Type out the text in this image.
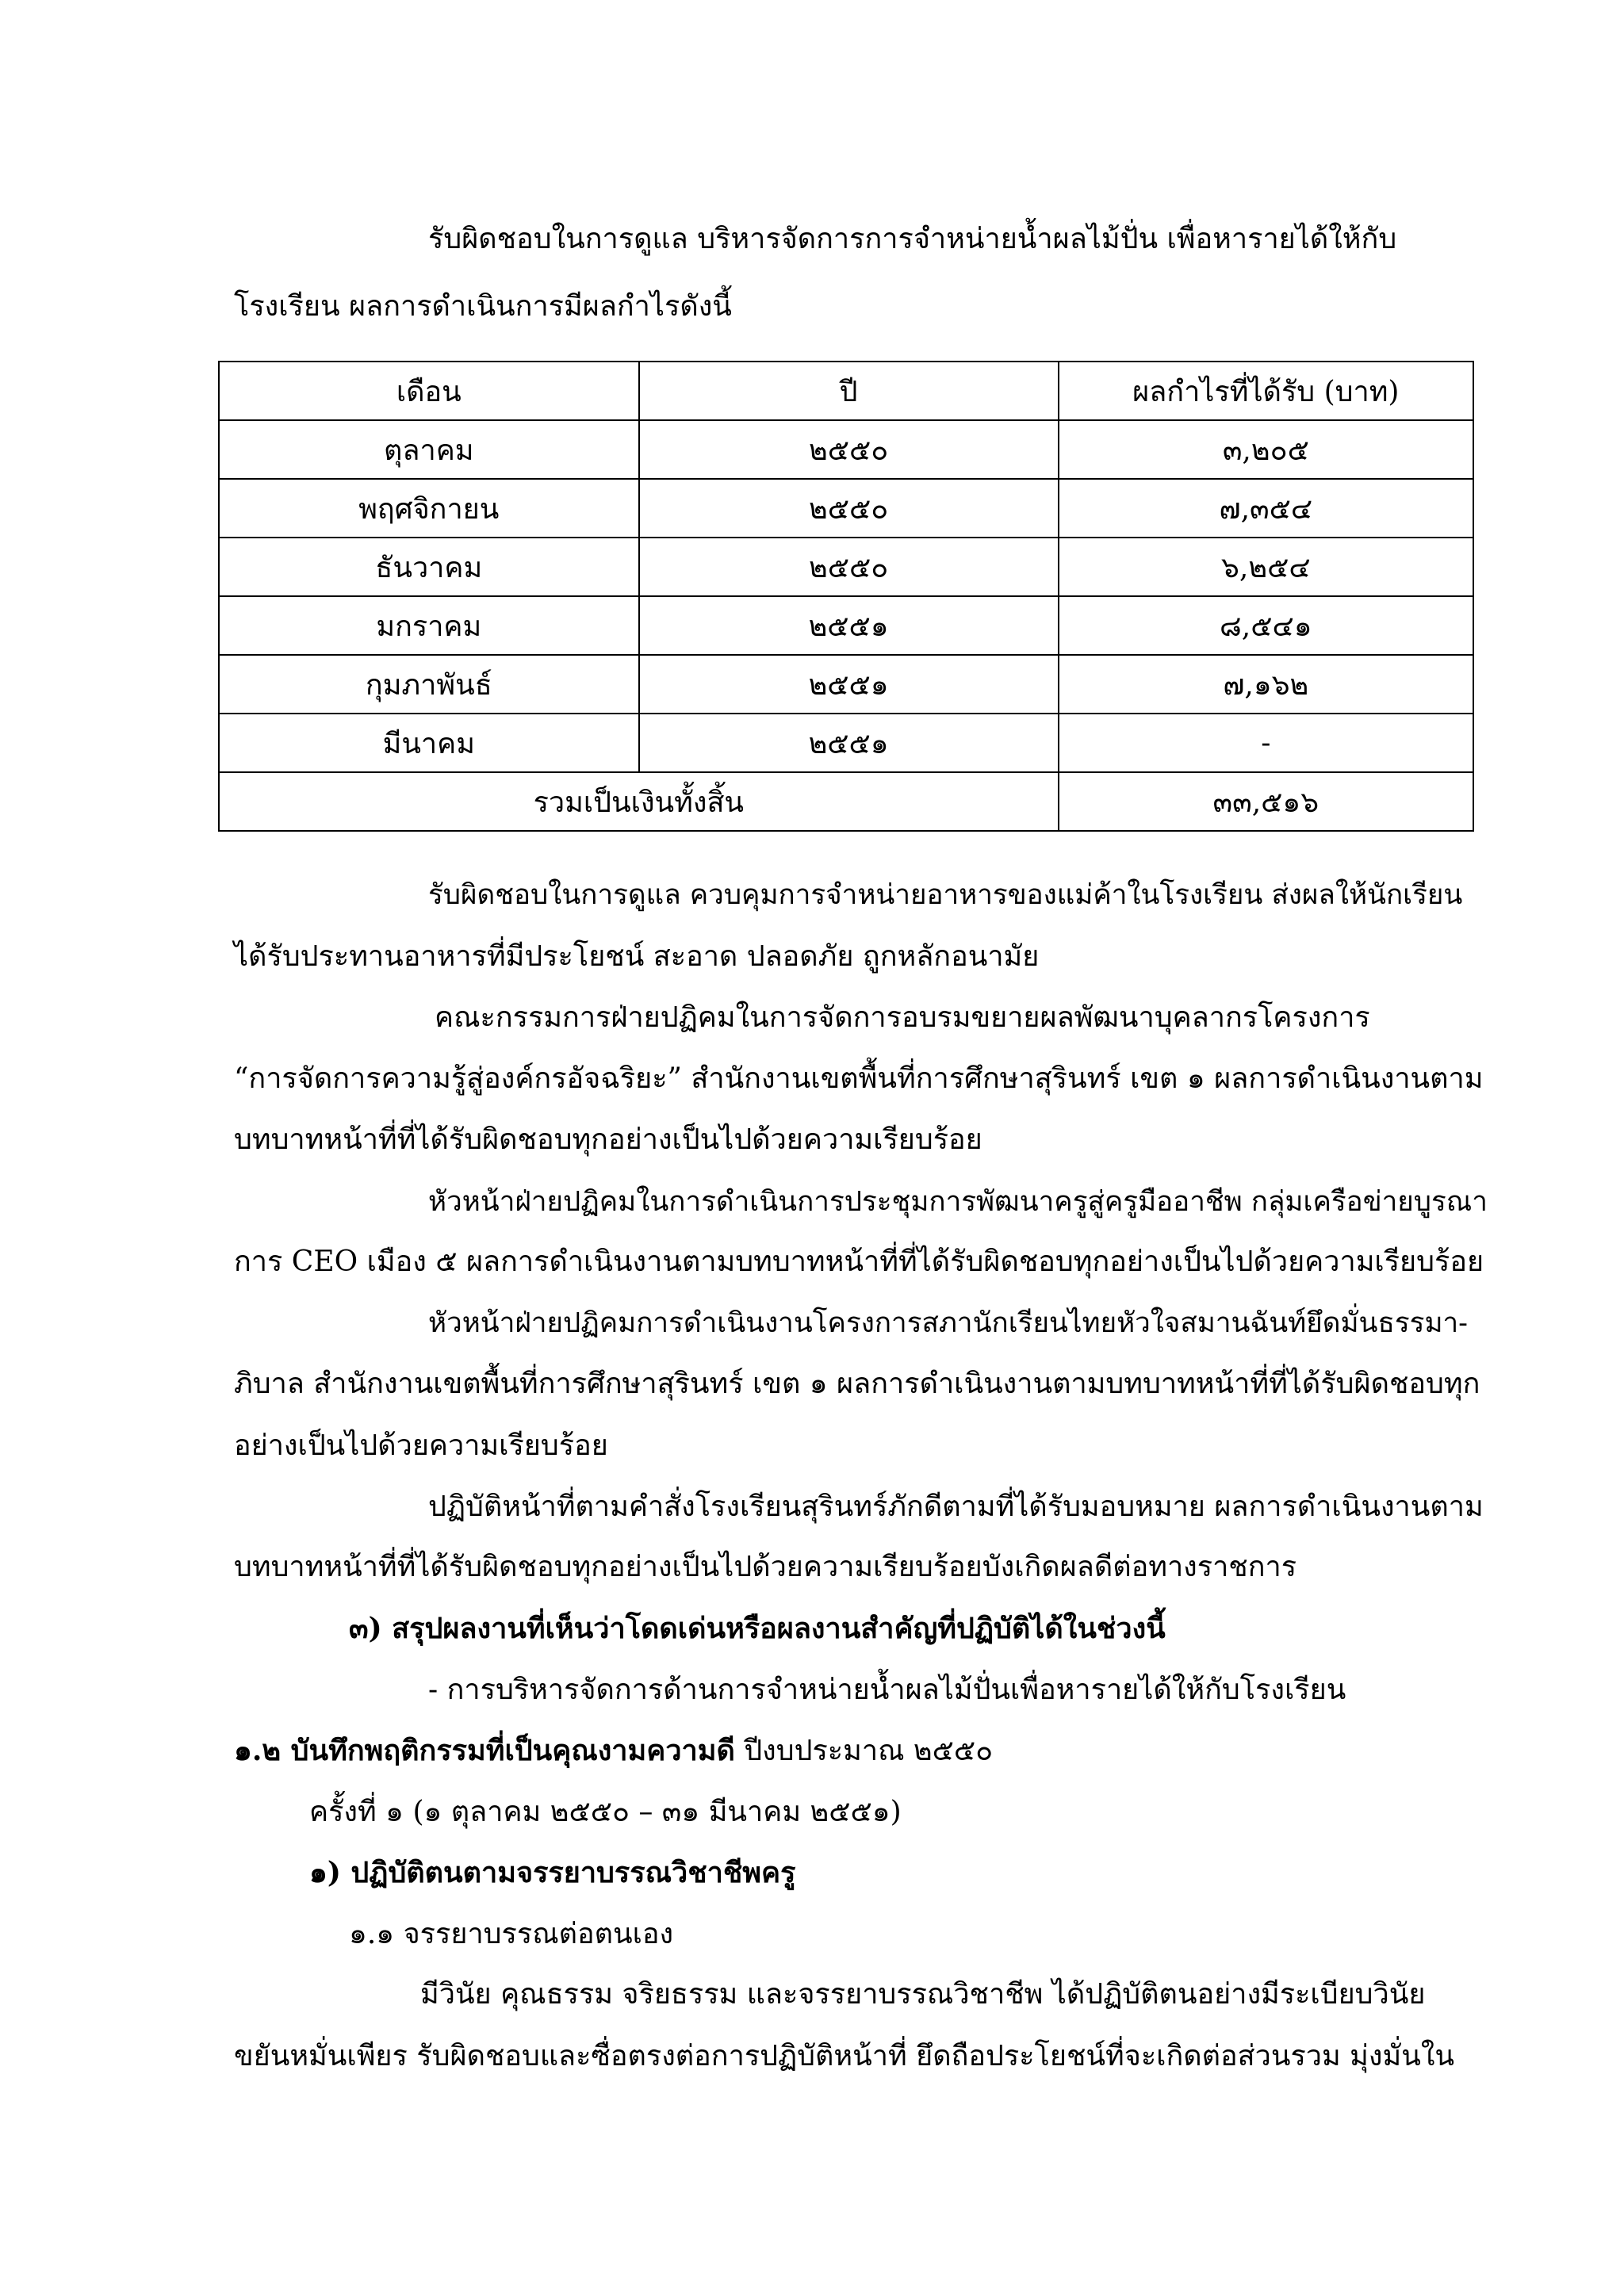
รับผิดชอบในการดูแล บริหารจัดการการจำหน่ายน้ำผลไม้ปั่น เพื่อหารายได้ให้กับ
โรงเรียน ผลการดำเนินการมีผลกำไรดังนี้
เดือน	ปี	ผลกำไรที่ได้รับ (บาท)
ตุลาคม	๒๕๕๐	๓,๒๐๕
พฤศจิกายน	๒๕๕๐	๗,๓๕๔
ธันวาคม	๒๕๕๐	๖,๒๕๔
มกราคม	๒๕๕๑	๘,๕๔๑
กุมภาพันธ์	๒๕๕๑	๗,๑๖๒
มีนาคม	๒๕๕๑	-
รวมเป็นเงินทั้งสิ้น		๓๓,๕๑๖
รับผิดชอบในการดูแล ควบคุมการจำหน่ายอาหารของแม่ค้าในโรงเรียน ส่งผลให้นักเรียน
ได้รับประทานอาหารที่มีประโยชน์ สะอาด ปลอดภัย ถูกหลักอนามัย
คณะกรรมการฝ่ายปฏิคมในการจัดการอบรมขยายผลพัฒนาบุคลากรโครงการ
“การจัดการความรู้สู่องค์กรอัจฉริยะ” สำนักงานเขตพื้นที่การศึกษาสุรินทร์ เขต ๑ ผลการดำเนินงานตาม
บทบาทหน้าที่ที่ได้รับผิดชอบทุกอย่างเป็นไปด้วยความเรียบร้อย
หัวหน้าฝ่ายปฏิคมในการดำเนินการประชุมการพัฒนาครูสู่ครูมืออาชีพ กลุ่มเครือข่ายบูรณา
การ CEO เมือง ๕ ผลการดำเนินงานตามบทบาทหน้าที่ที่ได้รับผิดชอบทุกอย่างเป็นไปด้วยความเรียบร้อย
หัวหน้าฝ่ายปฏิคมการดำเนินงานโครงการสภานักเรียนไทยหัวใจสมานฉันท์ยึดมั่นธรรมา-
ภิบาล สำนักงานเขตพื้นที่การศึกษาสุรินทร์ เขต ๑ ผลการดำเนินงานตามบทบาทหน้าที่ที่ได้รับผิดชอบทุก
อย่างเป็นไปด้วยความเรียบร้อย
ปฏิบัติหน้าที่ตามคำสั่งโรงเรียนสุรินทร์ภักดีตามที่ได้รับมอบหมาย ผลการดำเนินงานตาม
บทบาทหน้าที่ที่ได้รับผิดชอบทุกอย่างเป็นไปด้วยความเรียบร้อยบังเกิดผลดีต่อทางราชการ
๓) สรุปผลงานที่เห็นว่าโดดเด่นหรือผลงานสำคัญที่ปฏิบัติได้ในช่วงนี้
- การบริหารจัดการด้านการจำหน่ายน้ำผลไม้ปั่นเพื่อหารายได้ให้กับโรงเรียน
๑.๒ บันทึกพฤติกรรมที่เป็นคุณงามความดี ปีงบประมาณ ๒๕๕๐
ครั้งที่ ๑ (๑ ตุลาคม ๒๕๕๐ – ๓๑ มีนาคม ๒๕๕๑)
๑) ปฏิบัติตนตามจรรยาบรรณวิชาชีพครู
๑.๑ จรรยาบรรณต่อตนเอง
มีวินัย คุณธรรม จริยธรรม และจรรยาบรรณวิชาชีพ ได้ปฏิบัติตนอย่างมีระเบียบวินัย
ขยันหมั่นเพียร รับผิดชอบและซื่อตรงต่อการปฏิบัติหน้าที่ ยึดถือประโยชน์ที่จะเกิดต่อส่วนรวม มุ่งมั่นใน
